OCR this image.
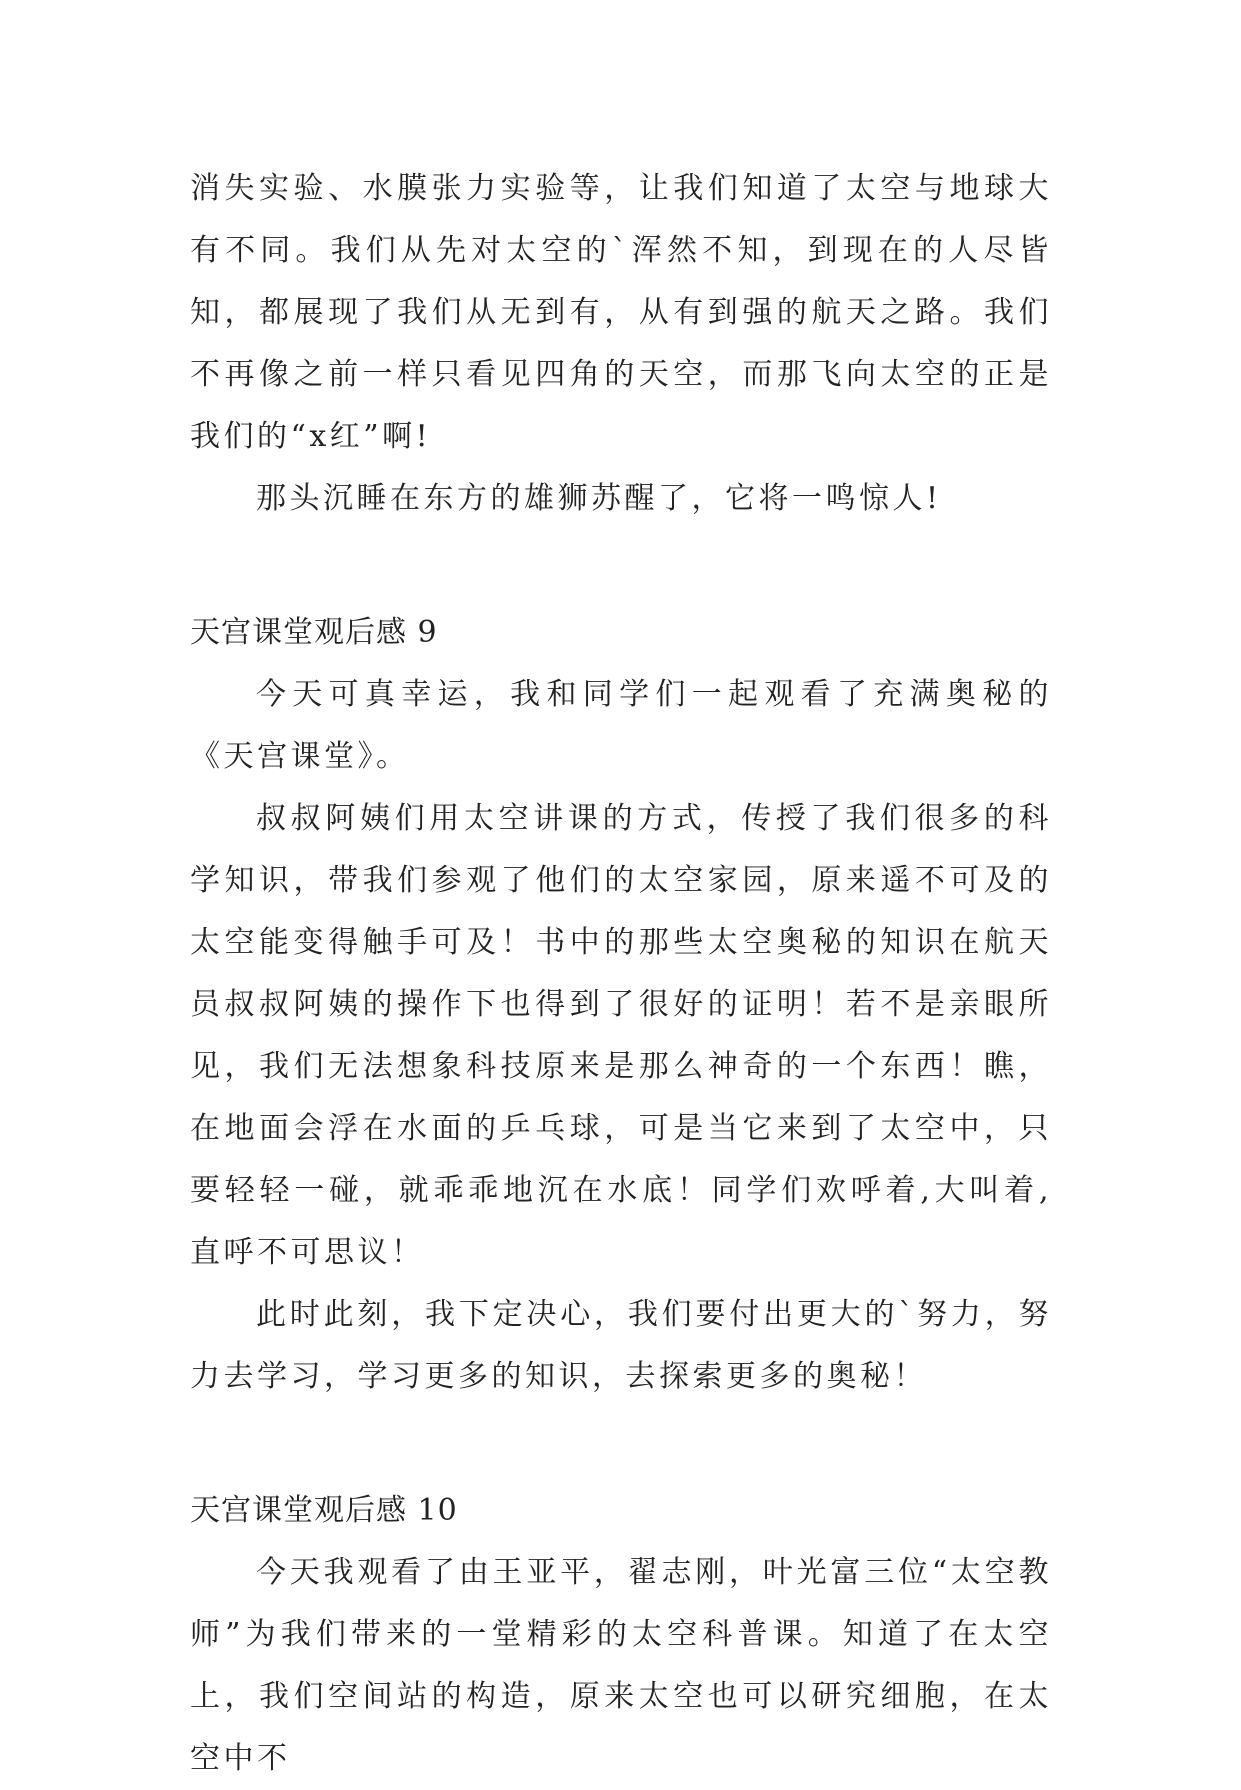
消失实验、水膜张力实验等，让我们知道了太空与地球大有不同。我们从先对太空的`浑然不知，到现在的人尽皆知，都展现了我们从无到有，从有到强的航天之路。我们不再像之前一样只看见四角的天空，而那飞向太空的正是我们的“x红”啊!

那头沉睡在东方的雄狮苏醒了，它将一鸣惊人!

天宫课堂观后感 9

今天可真幸运，我和同学们一起观看了充满奥秘的《天宫课堂》。

叔叔阿姨们用太空讲课的方式，传授了我们很多的科学知识，带我们参观了他们的太空家园，原来遥不可及的太空能变得触手可及！书中的那些太空奥秘的知识在航天员叔叔阿姨的操作下也得到了很好的证明！若不是亲眼所见，我们无法想象科技原来是那么神奇的一个东西！瞧，在地面会浮在水面的乒乓球，可是当它来到了太空中，只要轻轻一碰，就乖乖地沉在水底！同学们欢呼着,大叫着,直呼不可思议！

此时此刻，我下定决心，我们要付出更大的`努力，努力去学习，学习更多的知识，去探索更多的奥秘！

天宫课堂观后感 10

今天我观看了由王亚平，翟志刚，叶光富三位“太空教师”为我们带来的一堂精彩的太空科普课。知道了在太空上，我们空间站的构造，原来太空也可以研究细胞，在太空中不
